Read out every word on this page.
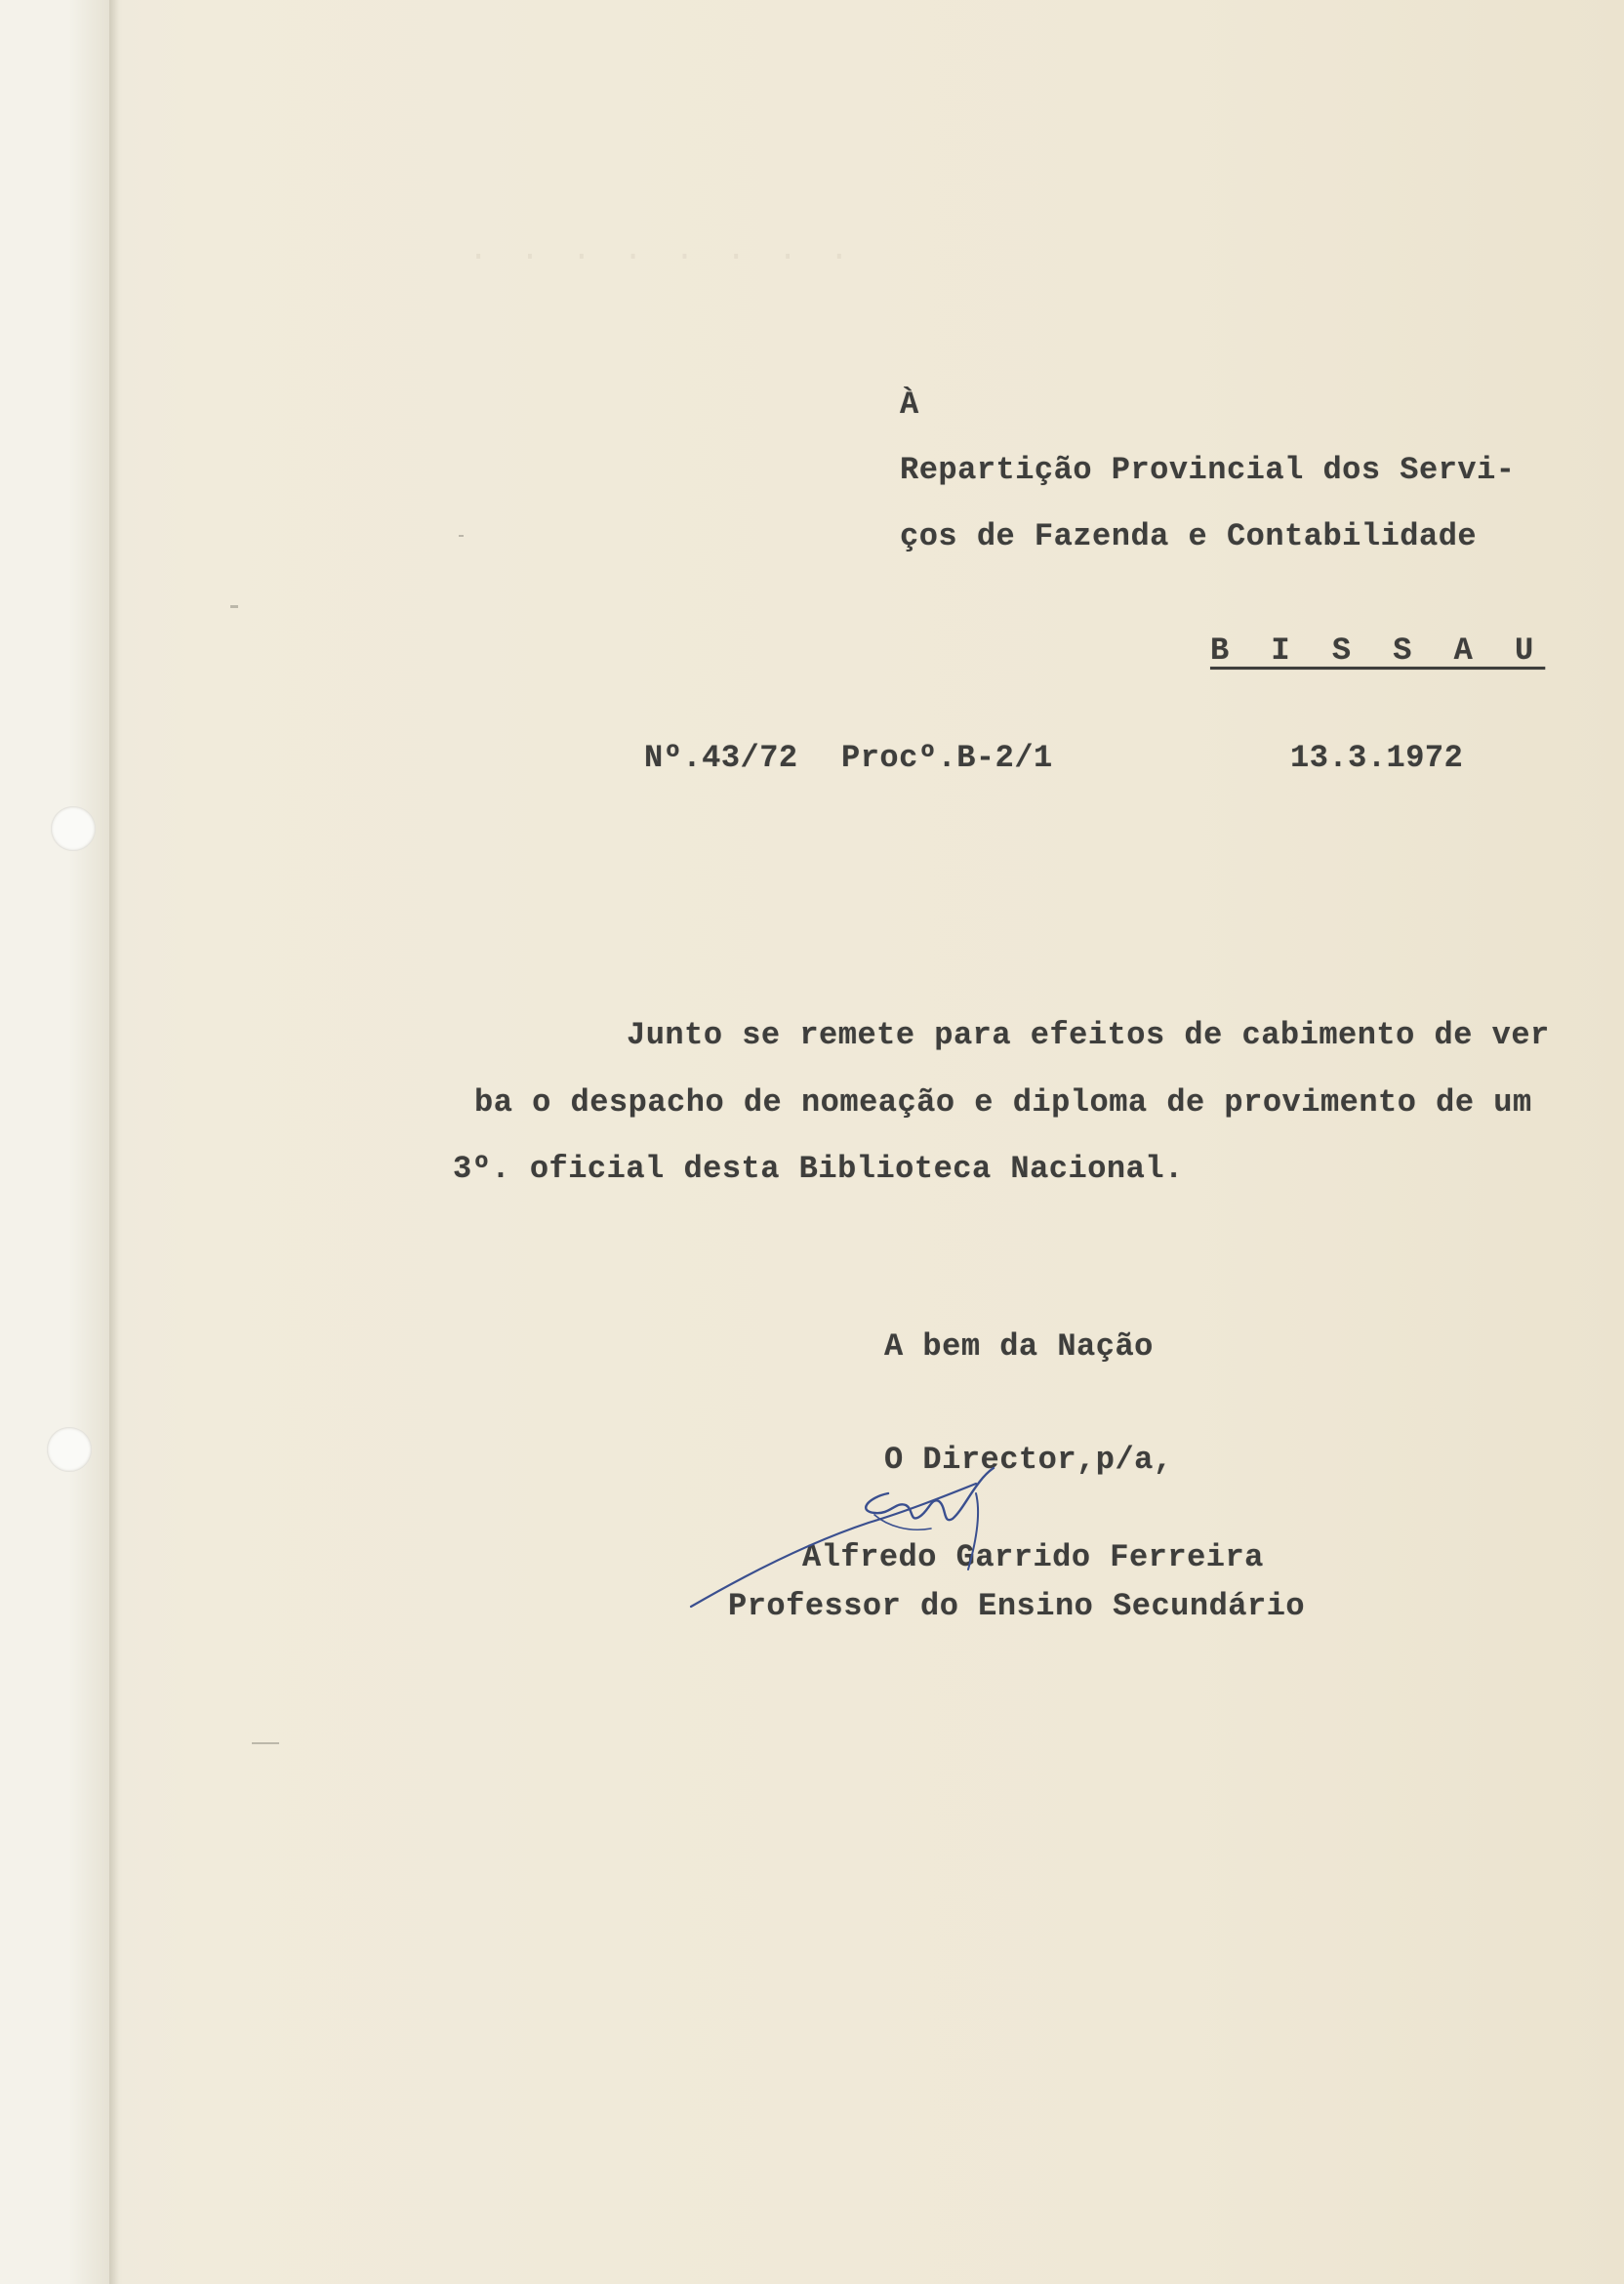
· · · · · · · ·

À

Repartição Provincial dos Servi-

ços de Fazenda e Contabilidade

B I S S A U

Nº.43/72 Procº.B-2/1	13.3.1972

Junto se remete para efeitos de cabimento de ver

ba o despacho de nomeação e diploma de provimento de um

3º. oficial desta Biblioteca Nacional.

A bem da Nação

O Director,p/a,

Alfredo Garrido Ferreira

Professor do Ensino Secundário
